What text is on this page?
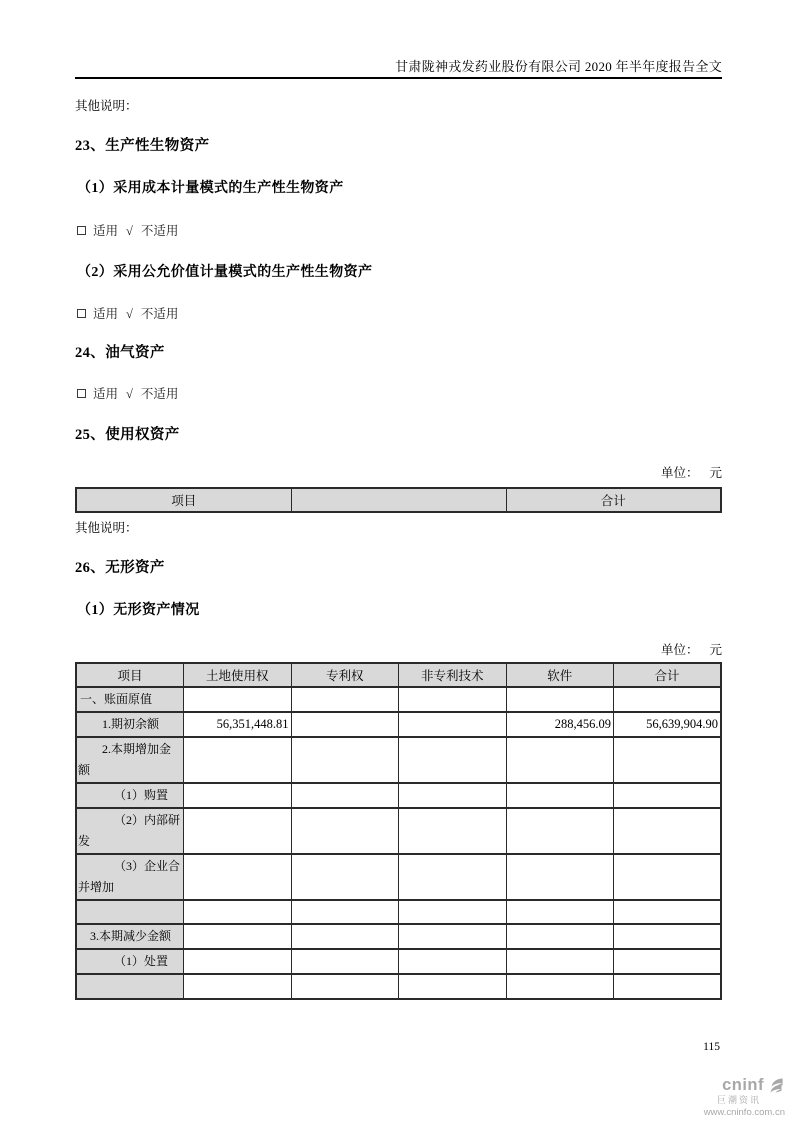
甘肃陇神戎发药业股份有限公司 2020 年半年度报告全文
其他说明：
23、生产性生物资产
（1）采用成本计量模式的生产性生物资产
适用 √ 不适用
（2）采用公允价值计量模式的生产性生物资产
适用 √ 不适用
24、油气资产
适用 √ 不适用
25、使用权资产
单位： 元
项目		合计
其他说明：
26、无形资产
（1）无形资产情况
单位： 元
项目	土地使用权	专利权	非专利技术	软件	合计
一、账面原值					
1.期初余额	56,351,448.81			288,456.09	56,639,904.90
2.本期增加金额					
（1）购置					
（2）内部研发					
（3）企业合并增加					

3.本期减少金额					
（1）处置					

115
cninf
巨潮资讯
www.cninfo.com.cn
